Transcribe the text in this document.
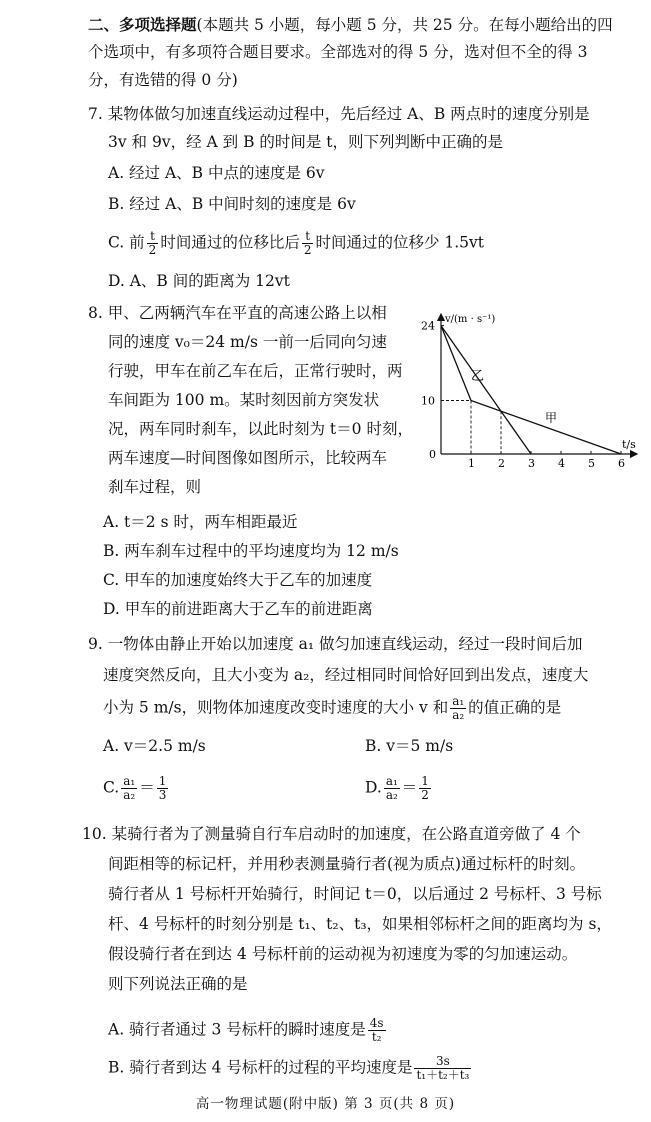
二、多项选择题(本题共 5 小题，每小题 5 分，共 25 分。在每小题给出的四
个选项中，有多项符合题目要求。全部选对的得 5 分，选对但不全的得 3
分，有选错的得 0 分)
7. 某物体做匀加速直线运动过程中，先后经过 A、B 两点时的速度分别是
3v 和 9v，经 A 到 B 的时间是 t，则下列判断中正确的是
A. 经过 A、B 中点的速度是 6v
B. 经过 A、B 中间时刻的速度是 6v
C. 前 $\frac{t}{2}$ 时间通过的位移比后 $\frac{t}{2}$ 时间通过的位移少 1.5vt
D. A、B 间的距离为 12vt
8. 甲、乙两辆汽车在平直的高速公路上以相
同的速度 v₀＝24 m/s 一前一后同向匀速
行驶，甲车在前乙车在后，正常行驶时，两
车间距为 100 m。某时刻因前方突发状
况，两车同时刹车，以此时刻为 t＝0 时刻，
两车速度—时间图像如图所示，比较两车
刹车过程，则
v/(m · s⁻¹)
t/s
0
1 2 3 4 5 6
10
24
乙
甲
A. t＝2 s 时，两车相距最近
B. 两车刹车过程中的平均速度均为 12 m/s
C. 甲车的加速度始终大于乙车的加速度
D. 甲车的前进距离大于乙车的前进距离
9. 一物体由静止开始以加速度 a₁ 做匀加速直线运动，经过一段时间后加
速度突然反向，且大小变为 a₂，经过相同时间恰好回到出发点，速度大
小为 5 m/s，则物体加速度改变时速度的大小 v 和 $\frac{\text{a₁}}{\text{a₂}}$ 的值正确的是
A. v＝2.5 m/s	B. v＝5 m/s
C. $\frac{\text{a₁}}{\text{a₂}} = \frac{1}{3}$	D. $\frac{\text{a₁}}{\text{a₂}} = \frac{1}{2}$
10. 某骑行者为了测量骑自行车启动时的加速度，在公路直道旁做了 4 个
间距相等的标记杆，并用秒表测量骑行者(视为质点)通过标杆的时刻。
骑行者从 1 号标杆开始骑行，时间记 t＝0，以后通过 2 号标杆、3 号标
杆、4 号标杆的时刻分别是 t₁、t₂、t₃，如果相邻标杆之间的距离均为 s，
假设骑行者在到达 4 号标杆前的运动视为初速度为零的匀加速运动。
则下列说法正确的是
A. 骑行者通过 3 号标杆的瞬时速度是 $\frac{4s}{\text{t₂}}$
B. 骑行者到达 4 号标杆的过程的平均速度是 $\frac{3s}{\text{t₁＋t₂＋t₃}}$
高一物理试题(附中版) 第 3 页(共 8 页)
